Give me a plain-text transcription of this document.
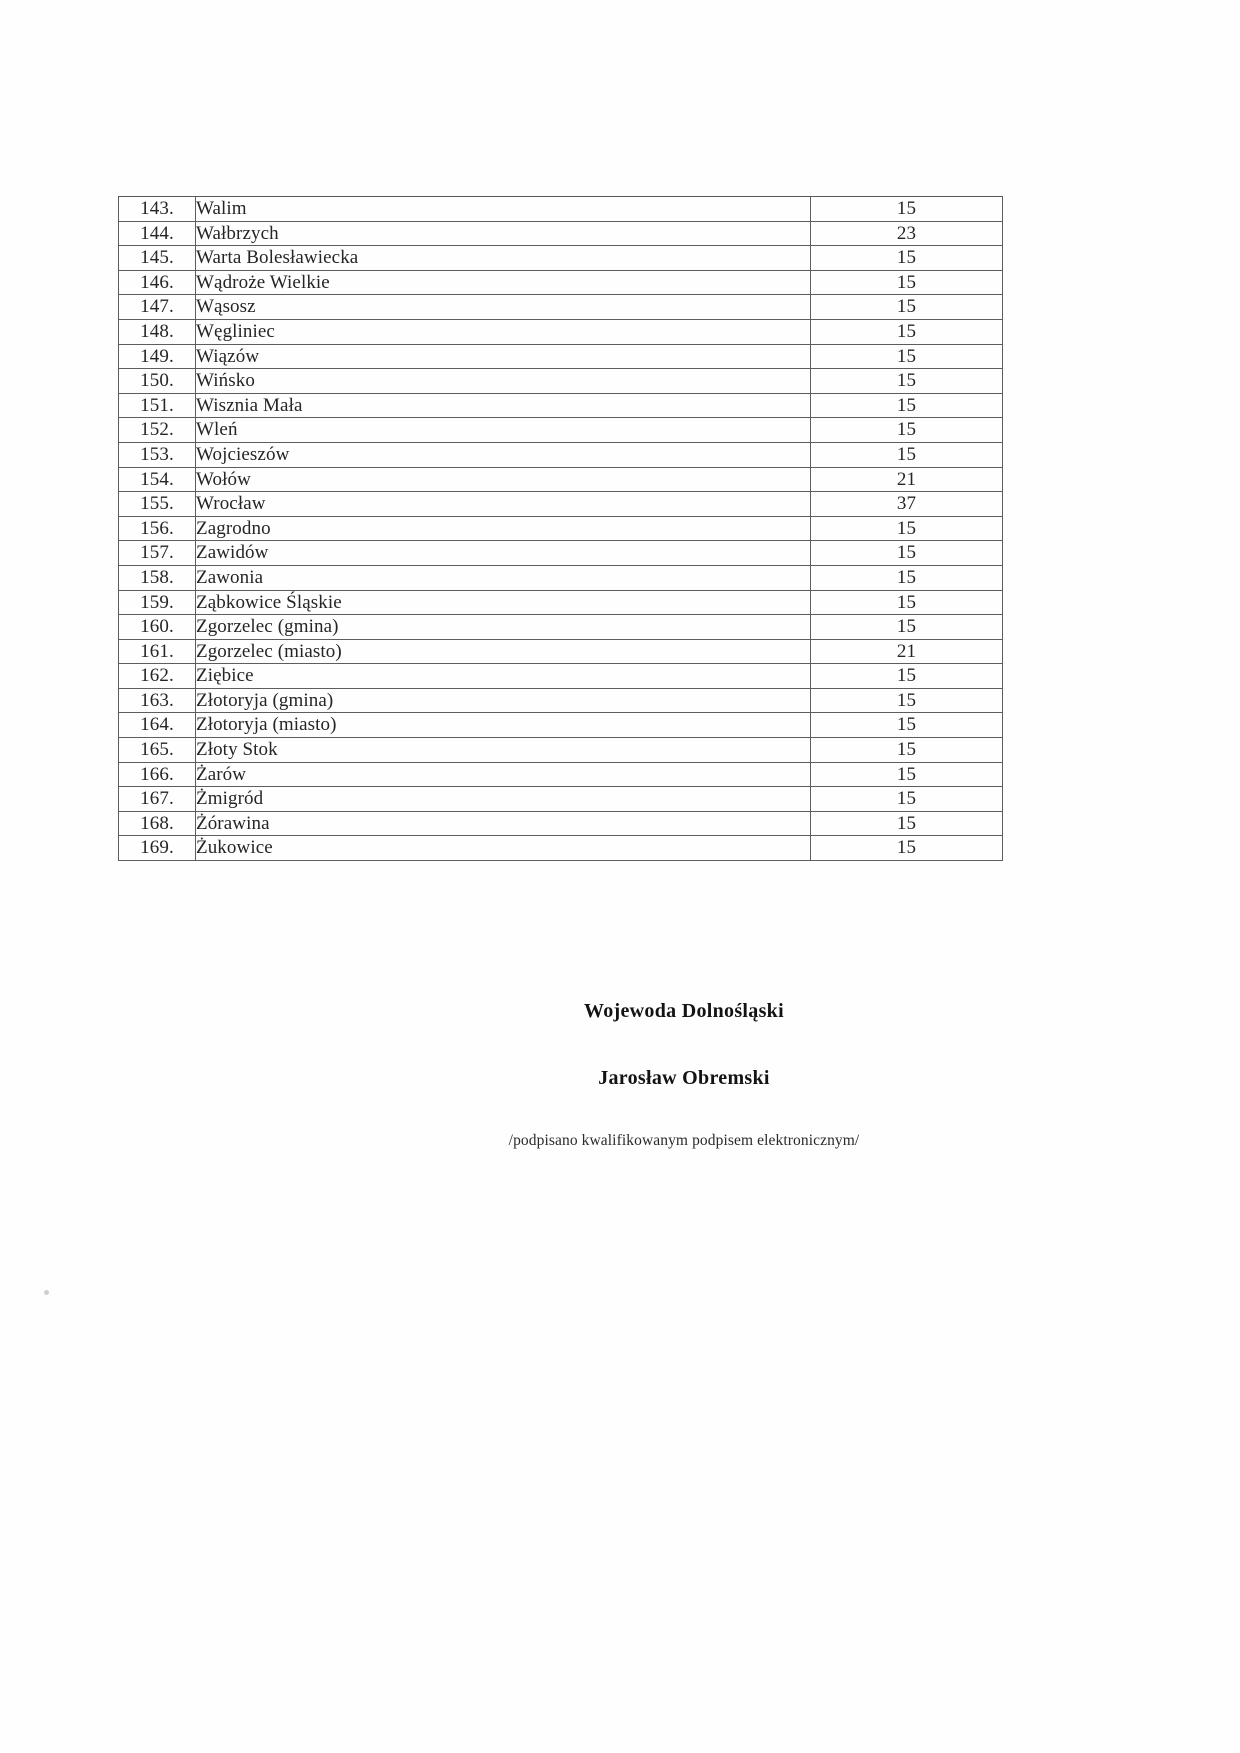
143.	Walim	15
144.	Wałbrzych	23
145.	Warta Bolesławiecka	15
146.	Wądroże Wielkie	15
147.	Wąsosz	15
148.	Węgliniec	15
149.	Wiązów	15
150.	Wińsko	15
151.	Wisznia Mała	15
152.	Wleń	15
153.	Wojcieszów	15
154.	Wołów	21
155.	Wrocław	37
156.	Zagrodno	15
157.	Zawidów	15
158.	Zawonia	15
159.	Ząbkowice Śląskie	15
160.	Zgorzelec (gmina)	15
161.	Zgorzelec (miasto)	21
162.	Ziębice	15
163.	Złotoryja (gmina)	15
164.	Złotoryja (miasto)	15
165.	Złoty Stok	15
166.	Żarów	15
167.	Żmigród	15
168.	Żórawina	15
169.	Żukowice	15
Wojewoda Dolnośląski
Jarosław Obremski
/podpisano kwalifikowanym podpisem elektronicznym/
